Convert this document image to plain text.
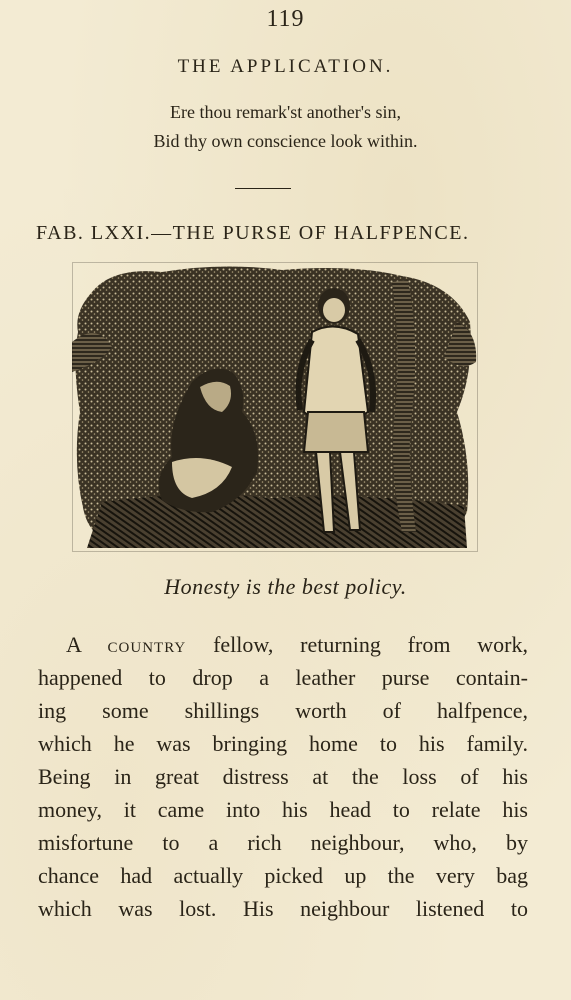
119
THE APPLICATION.
Ere thou remark'st another's sin,
Bid thy own conscience look within.
FAB. LXXI.—THE PURSE OF HALFPENCE.
Honesty is the best policy.
A country fellow, returning from work,
happened to drop a leather purse contain-
ing some shillings worth of halfpence,
which he was bringing home to his family.
Being in great distress at the loss of his
money, it came into his head to relate his
misfortune to a rich neighbour, who, by
chance had actually picked up the very bag
which was lost. His neighbour listened to
